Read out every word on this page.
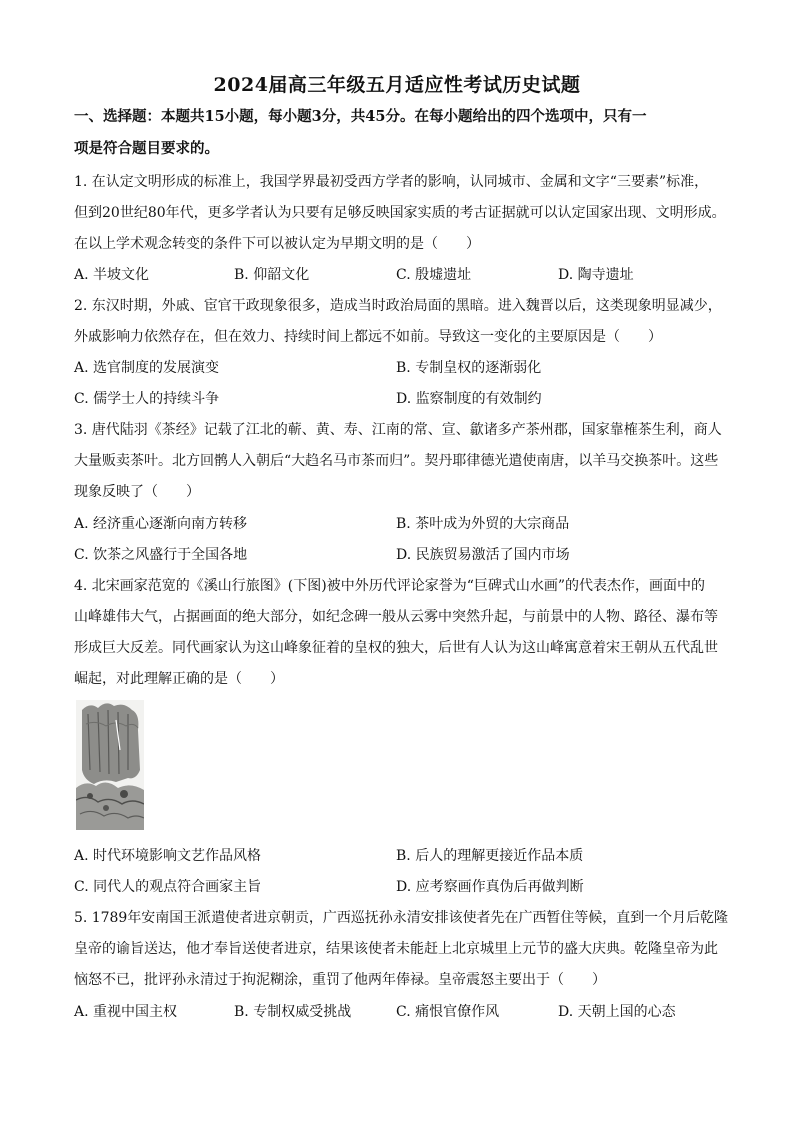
2024届高三年级五月适应性考试历史试题
一、选择题：本题共15小题，每小题3分，共45分。在每小题给出的四个选项中，只有一
项是符合题目要求的。
1. 在认定文明形成的标准上，我国学界最初受西方学者的影响，认同城市、金属和文字“三要素”标准，
但到20世纪80年代，更多学者认为只要有足够反映国家实质的考古证据就可以认定国家出现、文明形成。
在以上学术观念转变的条件下可以被认定为早期文明的是（　　）
A. 半坡文化	B. 仰韶文化	C. 殷墟遗址	D. 陶寺遗址
2. 东汉时期，外戚、宦官干政现象很多，造成当时政治局面的黑暗。进入魏晋以后，这类现象明显减少，
外戚影响力依然存在，但在效力、持续时间上都远不如前。导致这一变化的主要原因是（　　）
A. 选官制度的发展演变	B. 专制皇权的逐渐弱化
C. 儒学士人的持续斗争	D. 监察制度的有效制约
3. 唐代陆羽《茶经》记载了江北的蕲、黄、寿、江南的常、宣、歙诸多产茶州郡，国家靠榷茶生利，商人
大量贩卖茶叶。北方回鹘人入朝后“大趋名马市茶而归”。契丹耶律德光遣使南唐，以羊马交换茶叶。这些
现象反映了（　　）
A. 经济重心逐渐向南方转移	B. 茶叶成为外贸的大宗商品
C. 饮茶之风盛行于全国各地	D. 民族贸易激活了国内市场
4. 北宋画家范宽的《溪山行旅图》(下图)被中外历代评论家誉为“巨碑式山水画”的代表杰作，画面中的
山峰雄伟大气，占据画面的绝大部分，如纪念碑一般从云雾中突然升起，与前景中的人物、路径、瀑布等
形成巨大反差。同代画家认为这山峰象征着的皇权的独大，后世有人认为这山峰寓意着宋王朝从五代乱世
崛起，对此理解正确的是（　　）
A. 时代环境影响文艺作品风格	B. 后人的理解更接近作品本质
C. 同代人的观点符合画家主旨	D. 应考察画作真伪后再做判断
5. 1789年安南国王派遣使者进京朝贡，广西巡抚孙永清安排该使者先在广西暂住等候，直到一个月后乾隆
皇帝的谕旨送达，他才奉旨送使者进京，结果该使者未能赶上北京城里上元节的盛大庆典。乾隆皇帝为此
恼怒不已，批评孙永清过于拘泥糊涂，重罚了他两年俸禄。皇帝震怒主要出于（　　）
A. 重视中国主权	B. 专制权威受挑战	C. 痛恨官僚作风	D. 天朝上国的心态
